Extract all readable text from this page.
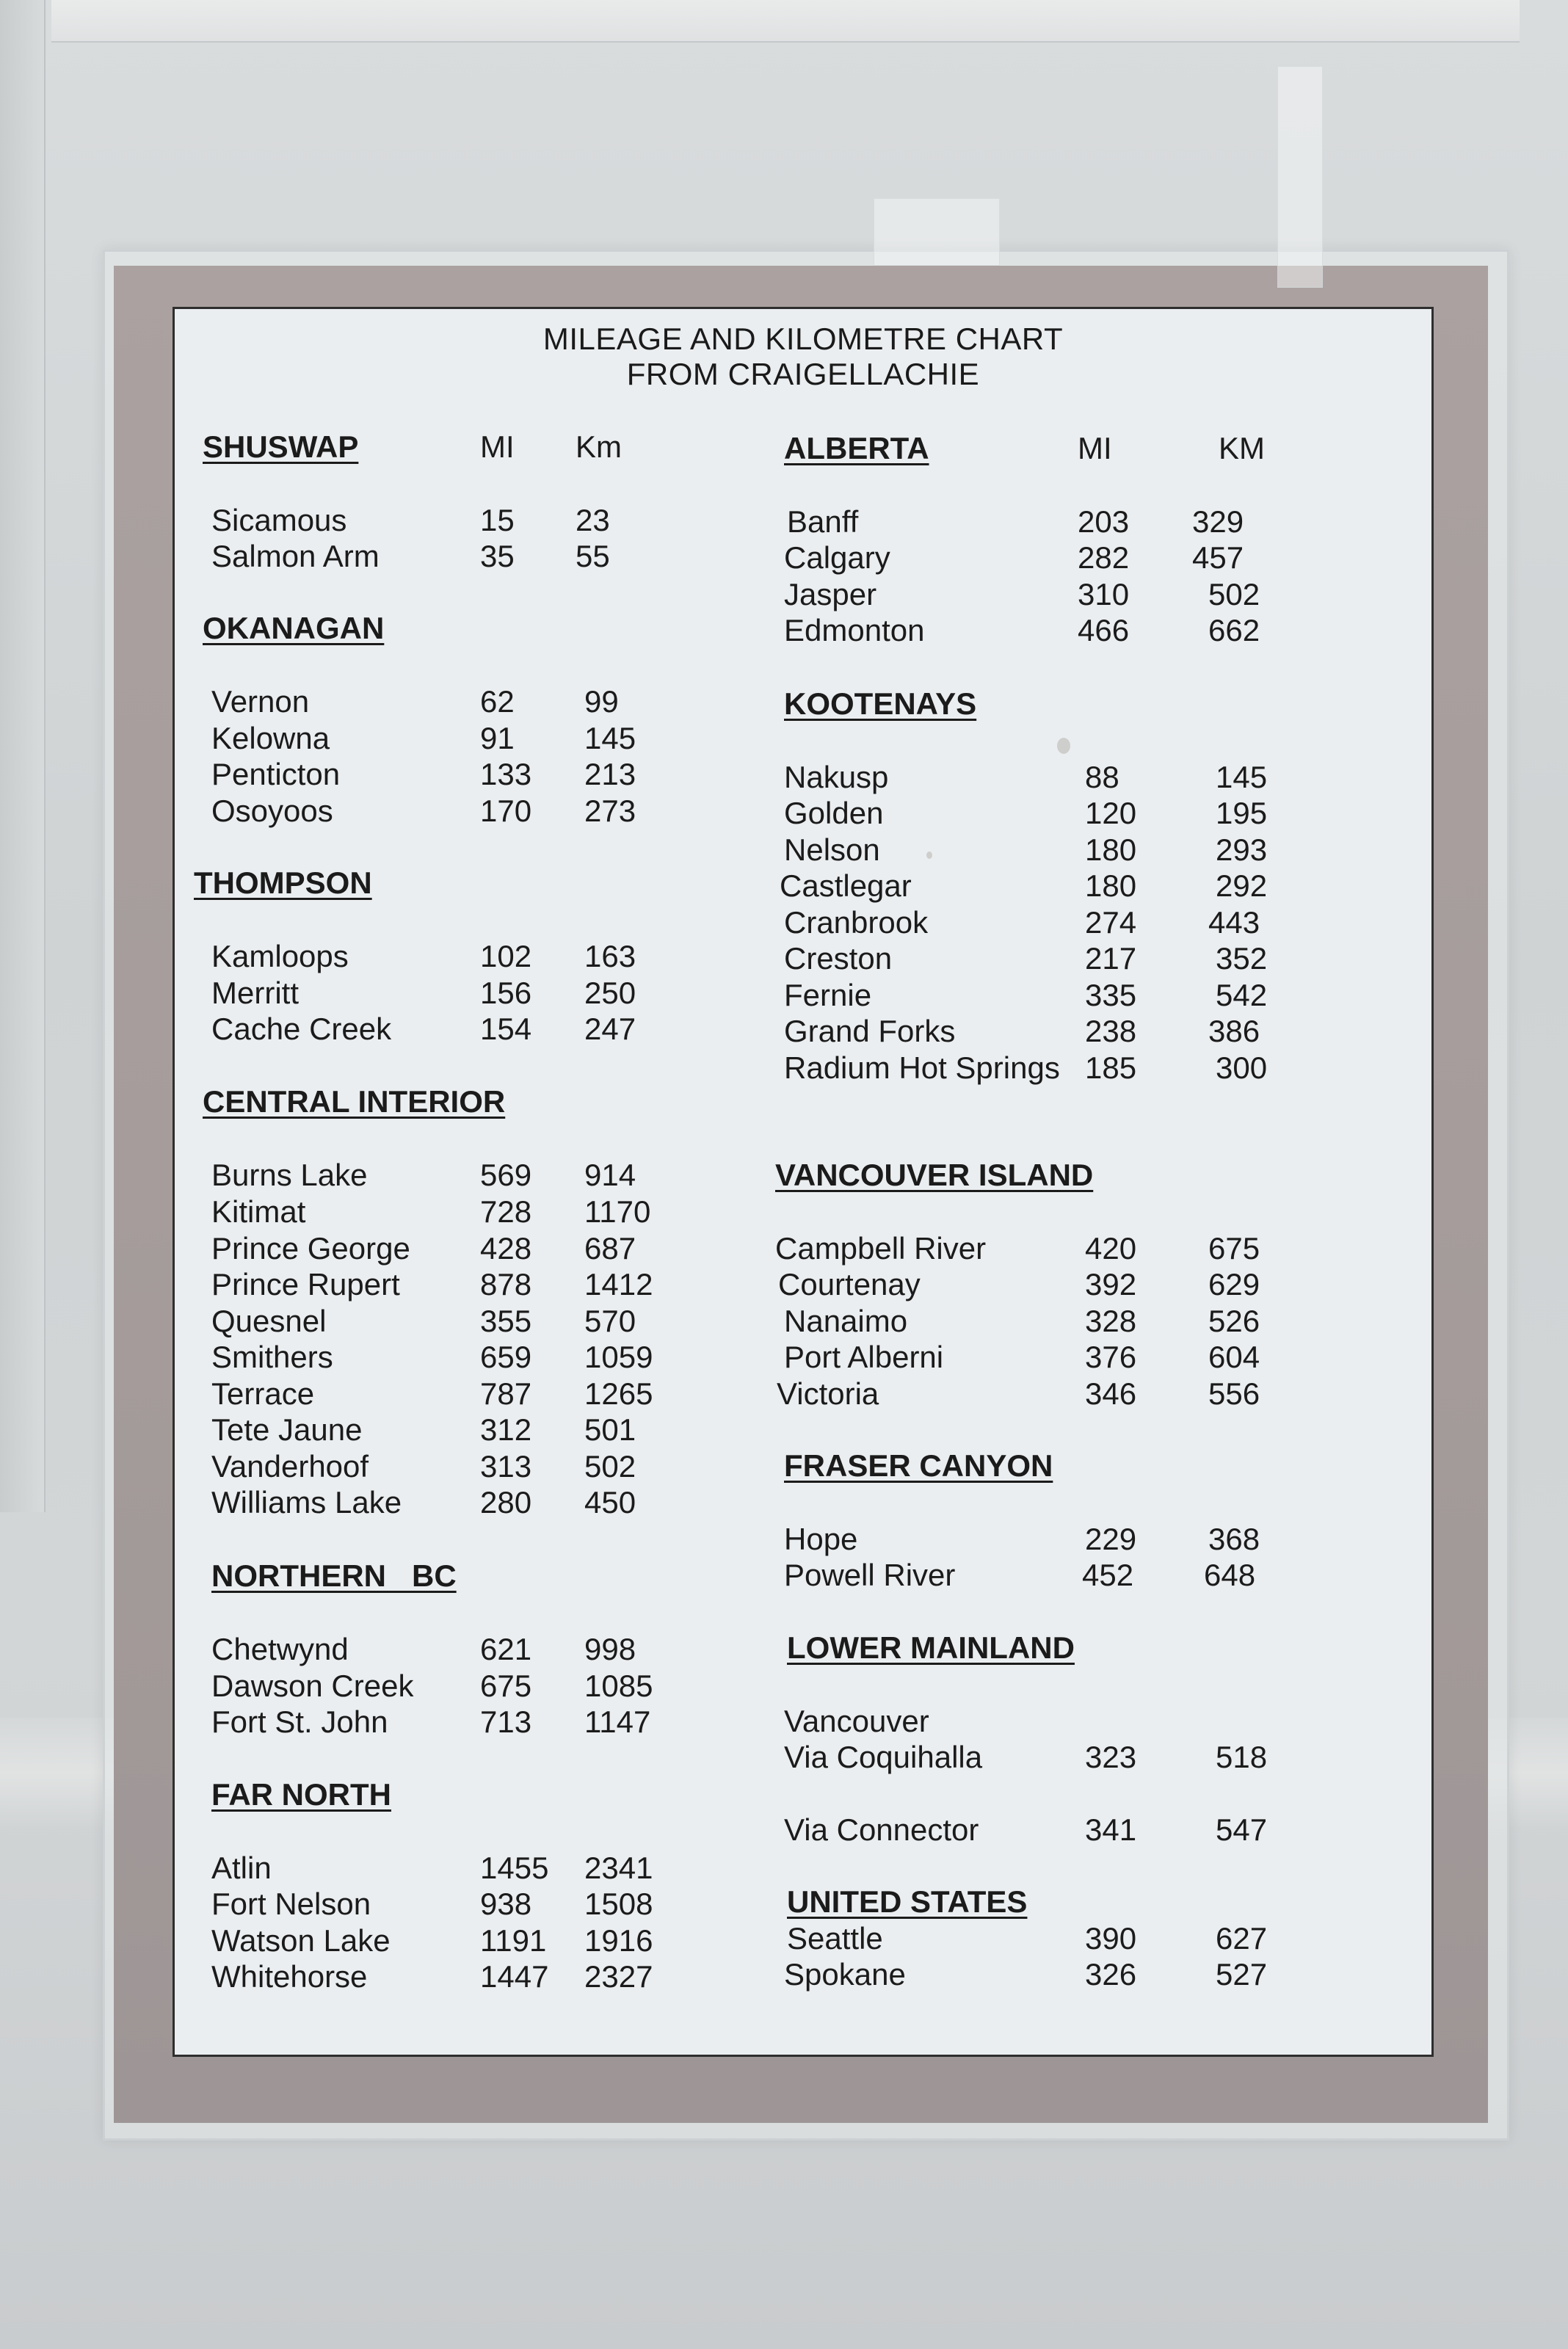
MILEAGE AND KILOMETRE CHART
FROM CRAIGELLACHIE
SHUSWAP	MI Km
Sicamous	15 23
Salmon Arm	35 55
OKANAGAN
Vernon	62 99
Kelowna	91 145
Penticton	133 213
Osoyoos	170 273
THOMPSON
Kamloops	102 163
Merritt	156 250
Cache Creek	154 247
CENTRAL INTERIOR
Burns Lake	569 914
Kitimat	728 1170
Prince George 428 687
Prince Rupert	878 1412
Quesnel	355 570
Smithers	659 1059
Terrace	787 1265
Tete Jaune	312 501
Vanderhoof	313 502
Williams Lake	280 450
NORTHERN   BC
Chetwynd	621 998
Dawson Creek 675 1085
Fort St. John	713 1147
FAR NORTH
Atlin	1455 2341
Fort Nelson	938 1508
Watson Lake	1191 1916
Whitehorse	1447 2327
ALBERTA	MI	KM
Banff	203 329
Calgary	282 457
Jasper	310	502
Edmonton	466	662
KOOTENAYS
Nakusp	88	145
Golden	120	195
Nelson	180	293
Castlegar	180	292
Cranbrook	274 443
Creston	217	352
Fernie	335	542
Grand Forks	238 386
Radium Hot Springs 185	300
VANCOUVER ISLAND
Campbell River	420 675
Courtenay	392 629
Nanaimo	328 526
Port Alberni	376 604
Victoria	346 556
FRASER CANYON
Hope	229 368
Powell River	452 648
LOWER MAINLAND
Vancouver
Via Coquihalla	323	518
Via Connector	341	547
UNITED STATES
Seattle	390	627
Spokane	326	527
